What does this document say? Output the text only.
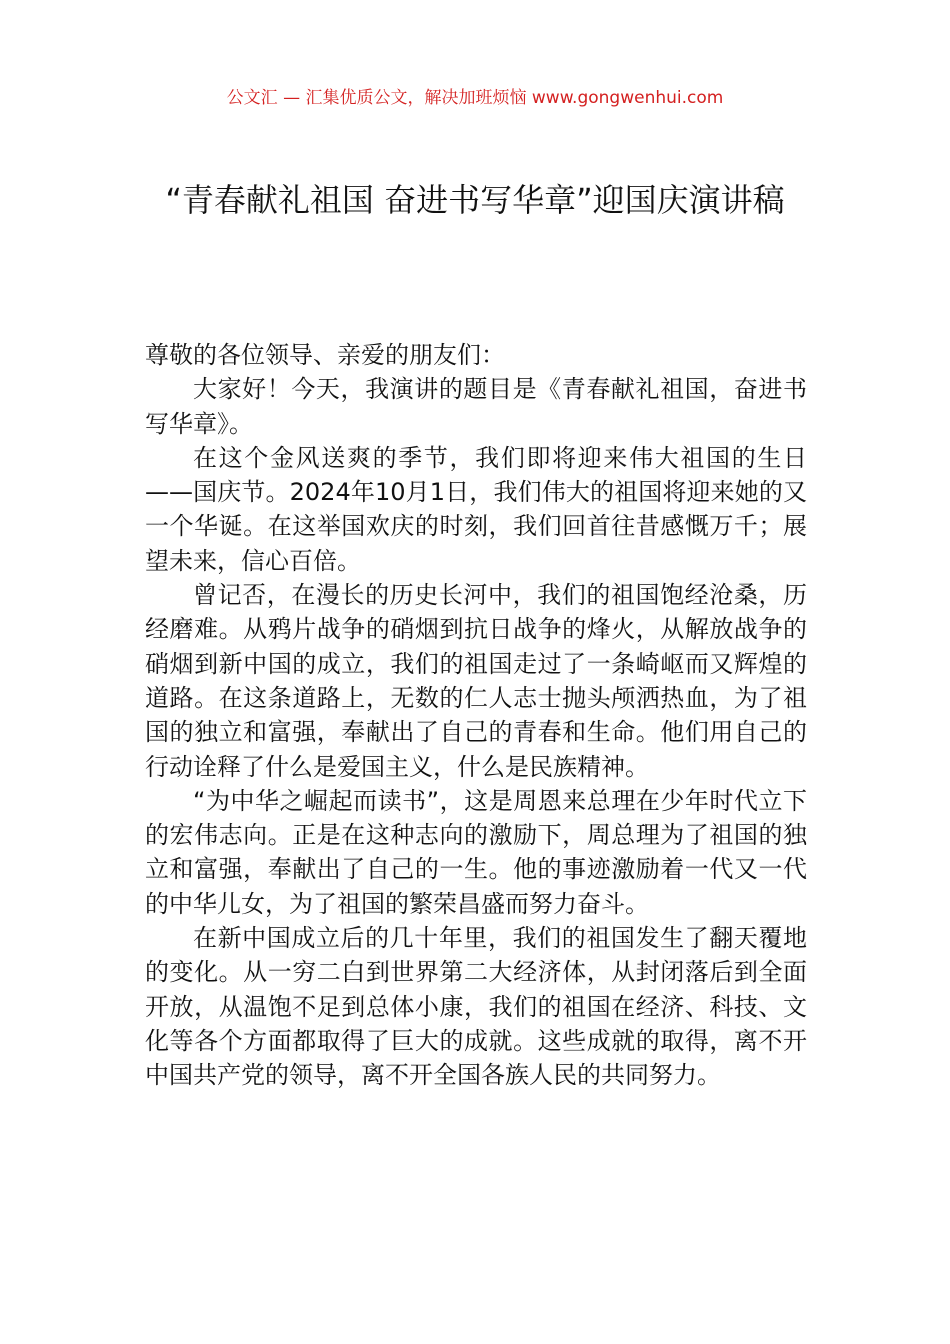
公文汇 — 汇集优质公文，解决加班烦恼 www.gongwenhui.com
“青春献礼祖国 奋进书写华章”迎国庆演讲稿

尊敬的各位领导、亲爱的朋友们：

大家好！今天，我演讲的题目是《青春献礼祖国，奋进书写华章》。

在这个金风送爽的季节，我们即将迎来伟大祖国的生日——国庆节。2024年10月1日，我们伟大的祖国将迎来她的又一个华诞。在这举国欢庆的时刻，我们回首往昔感慨万千；展望未来，信心百倍。

曾记否，在漫长的历史长河中，我们的祖国饱经沧桑，历经磨难。从鸦片战争的硝烟到抗日战争的烽火，从解放战争的硝烟到新中国的成立，我们的祖国走过了一条崎岖而又辉煌的道路。在这条道路上，无数的仁人志士抛头颅洒热血，为了祖国的独立和富强，奉献出了自己的青春和生命。他们用自己的行动诠释了什么是爱国主义，什么是民族精神。

“为中华之崛起而读书”，这是周恩来总理在少年时代立下的宏伟志向。正是在这种志向的激励下，周总理为了祖国的独立和富强，奉献出了自己的一生。他的事迹激励着一代又一代的中华儿女，为了祖国的繁荣昌盛而努力奋斗。

在新中国成立后的几十年里，我们的祖国发生了翻天覆地的变化。从一穷二白到世界第二大经济体，从封闭落后到全面开放，从温饱不足到总体小康，我们的祖国在经济、科技、文化等各个方面都取得了巨大的成就。这些成就的取得，离不开中国共产党的领导，离不开全国各族人民的共同努力。
